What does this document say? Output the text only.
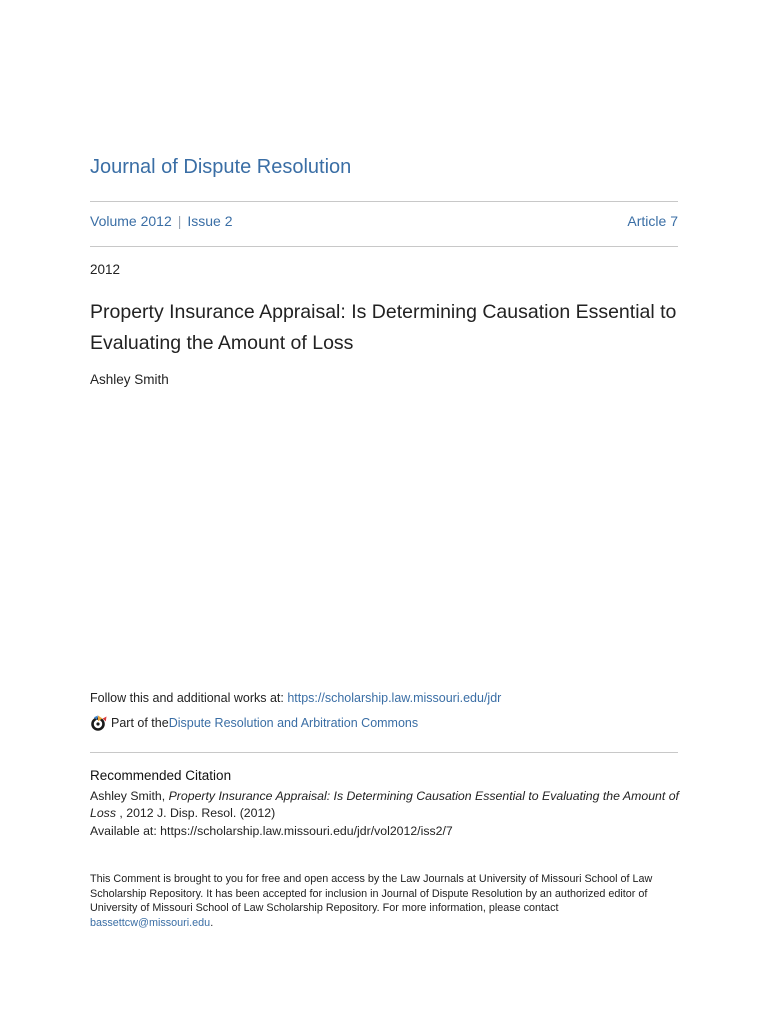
Journal of Dispute Resolution
Volume 2012 | Issue 2	Article 7
2012
Property Insurance Appraisal: Is Determining Causation Essential to Evaluating the Amount of Loss
Ashley Smith
Follow this and additional works at: https://scholarship.law.missouri.edu/jdr
Part of the Dispute Resolution and Arbitration Commons
Recommended Citation
Ashley Smith, Property Insurance Appraisal: Is Determining Causation Essential to Evaluating the Amount of Loss , 2012 J. Disp. Resol. (2012)
Available at: https://scholarship.law.missouri.edu/jdr/vol2012/iss2/7
This Comment is brought to you for free and open access by the Law Journals at University of Missouri School of Law Scholarship Repository. It has been accepted for inclusion in Journal of Dispute Resolution by an authorized editor of University of Missouri School of Law Scholarship Repository. For more information, please contact bassettcw@missouri.edu.
